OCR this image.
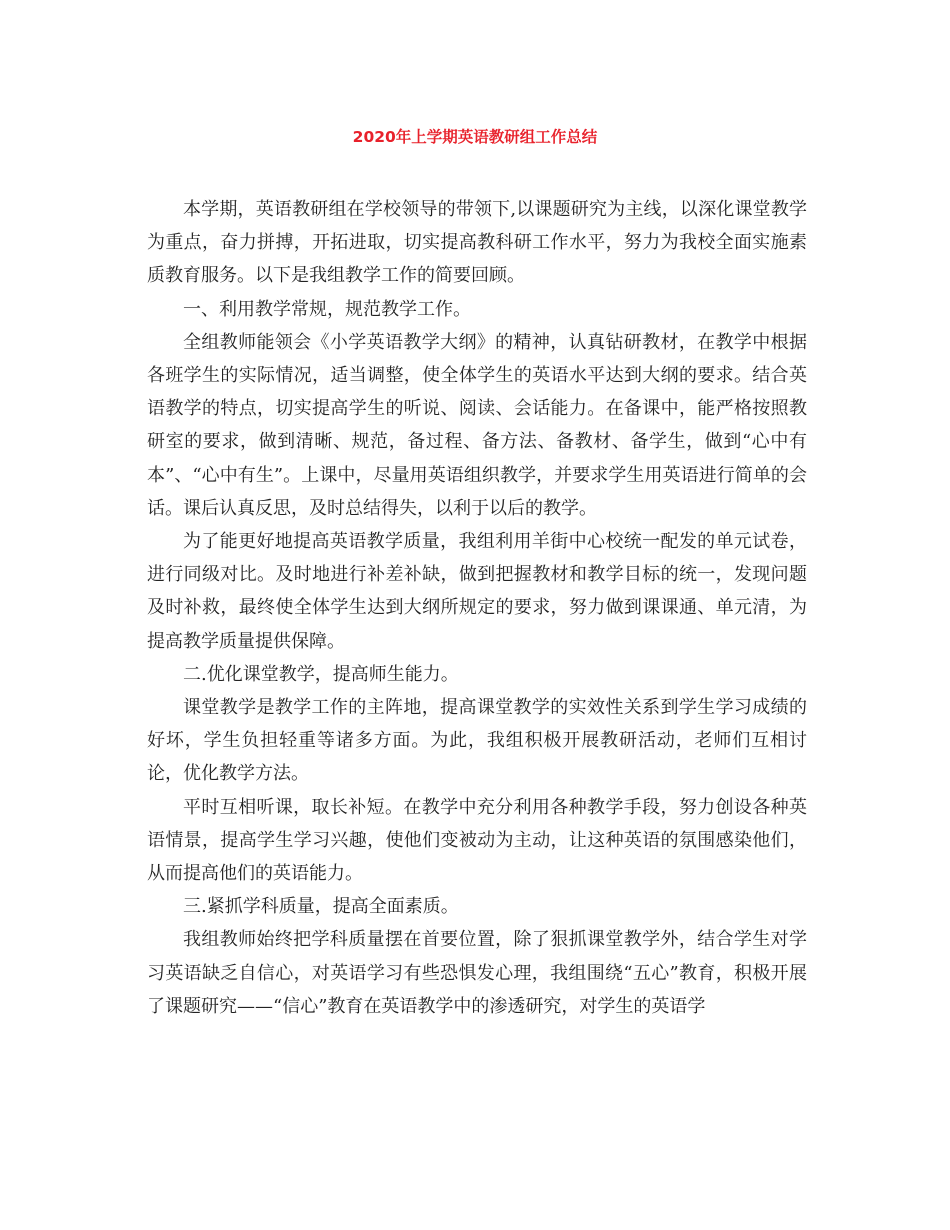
2020年上学期英语教研组工作总结

本学期，英语教研组在学校领导的带领下,以课题研究为主线，以深化课堂教学为重点，奋力拼搏，开拓进取，切实提高教科研工作水平，努力为我校全面实施素质教育服务。以下是我组教学工作的简要回顾。

一、利用教学常规，规范教学工作。

全组教师能领会《小学英语教学大纲》的精神，认真钻研教材，在教学中根据各班学生的实际情况，适当调整，使全体学生的英语水平达到大纲的要求。结合英语教学的特点，切实提高学生的听说、阅读、会话能力。在备课中，能严格按照教研室的要求，做到清晰、规范，备过程、备方法、备教材、备学生，做到“心中有本”、“心中有生”。上课中，尽量用英语组织教学，并要求学生用英语进行简单的会话。课后认真反思，及时总结得失，以利于以后的教学。

为了能更好地提高英语教学质量，我组利用羊街中心校统一配发的单元试卷，进行同级对比。及时地进行补差补缺，做到把握教材和教学目标的统一，发现问题及时补救，最终使全体学生达到大纲所规定的要求，努力做到课课通、单元清，为提高教学质量提供保障。

二.优化课堂教学，提高师生能力。

课堂教学是教学工作的主阵地，提高课堂教学的实效性关系到学生学习成绩的好坏，学生负担轻重等诸多方面。为此，我组积极开展教研活动，老师们互相讨论，优化教学方法。

平时互相听课，取长补短。在教学中充分利用各种教学手段，努力创设各种英语情景，提高学生学习兴趣，使他们变被动为主动，让这种英语的氛围感染他们，从而提高他们的英语能力。

三.紧抓学科质量，提高全面素质。

我组教师始终把学科质量摆在首要位置，除了狠抓课堂教学外，结合学生对学习英语缺乏自信心，对英语学习有些恐惧发心理，我组围绕“五心”教育，积极开展了课题研究——“信心”教育在英语教学中的渗透研究，对学生的英语学
